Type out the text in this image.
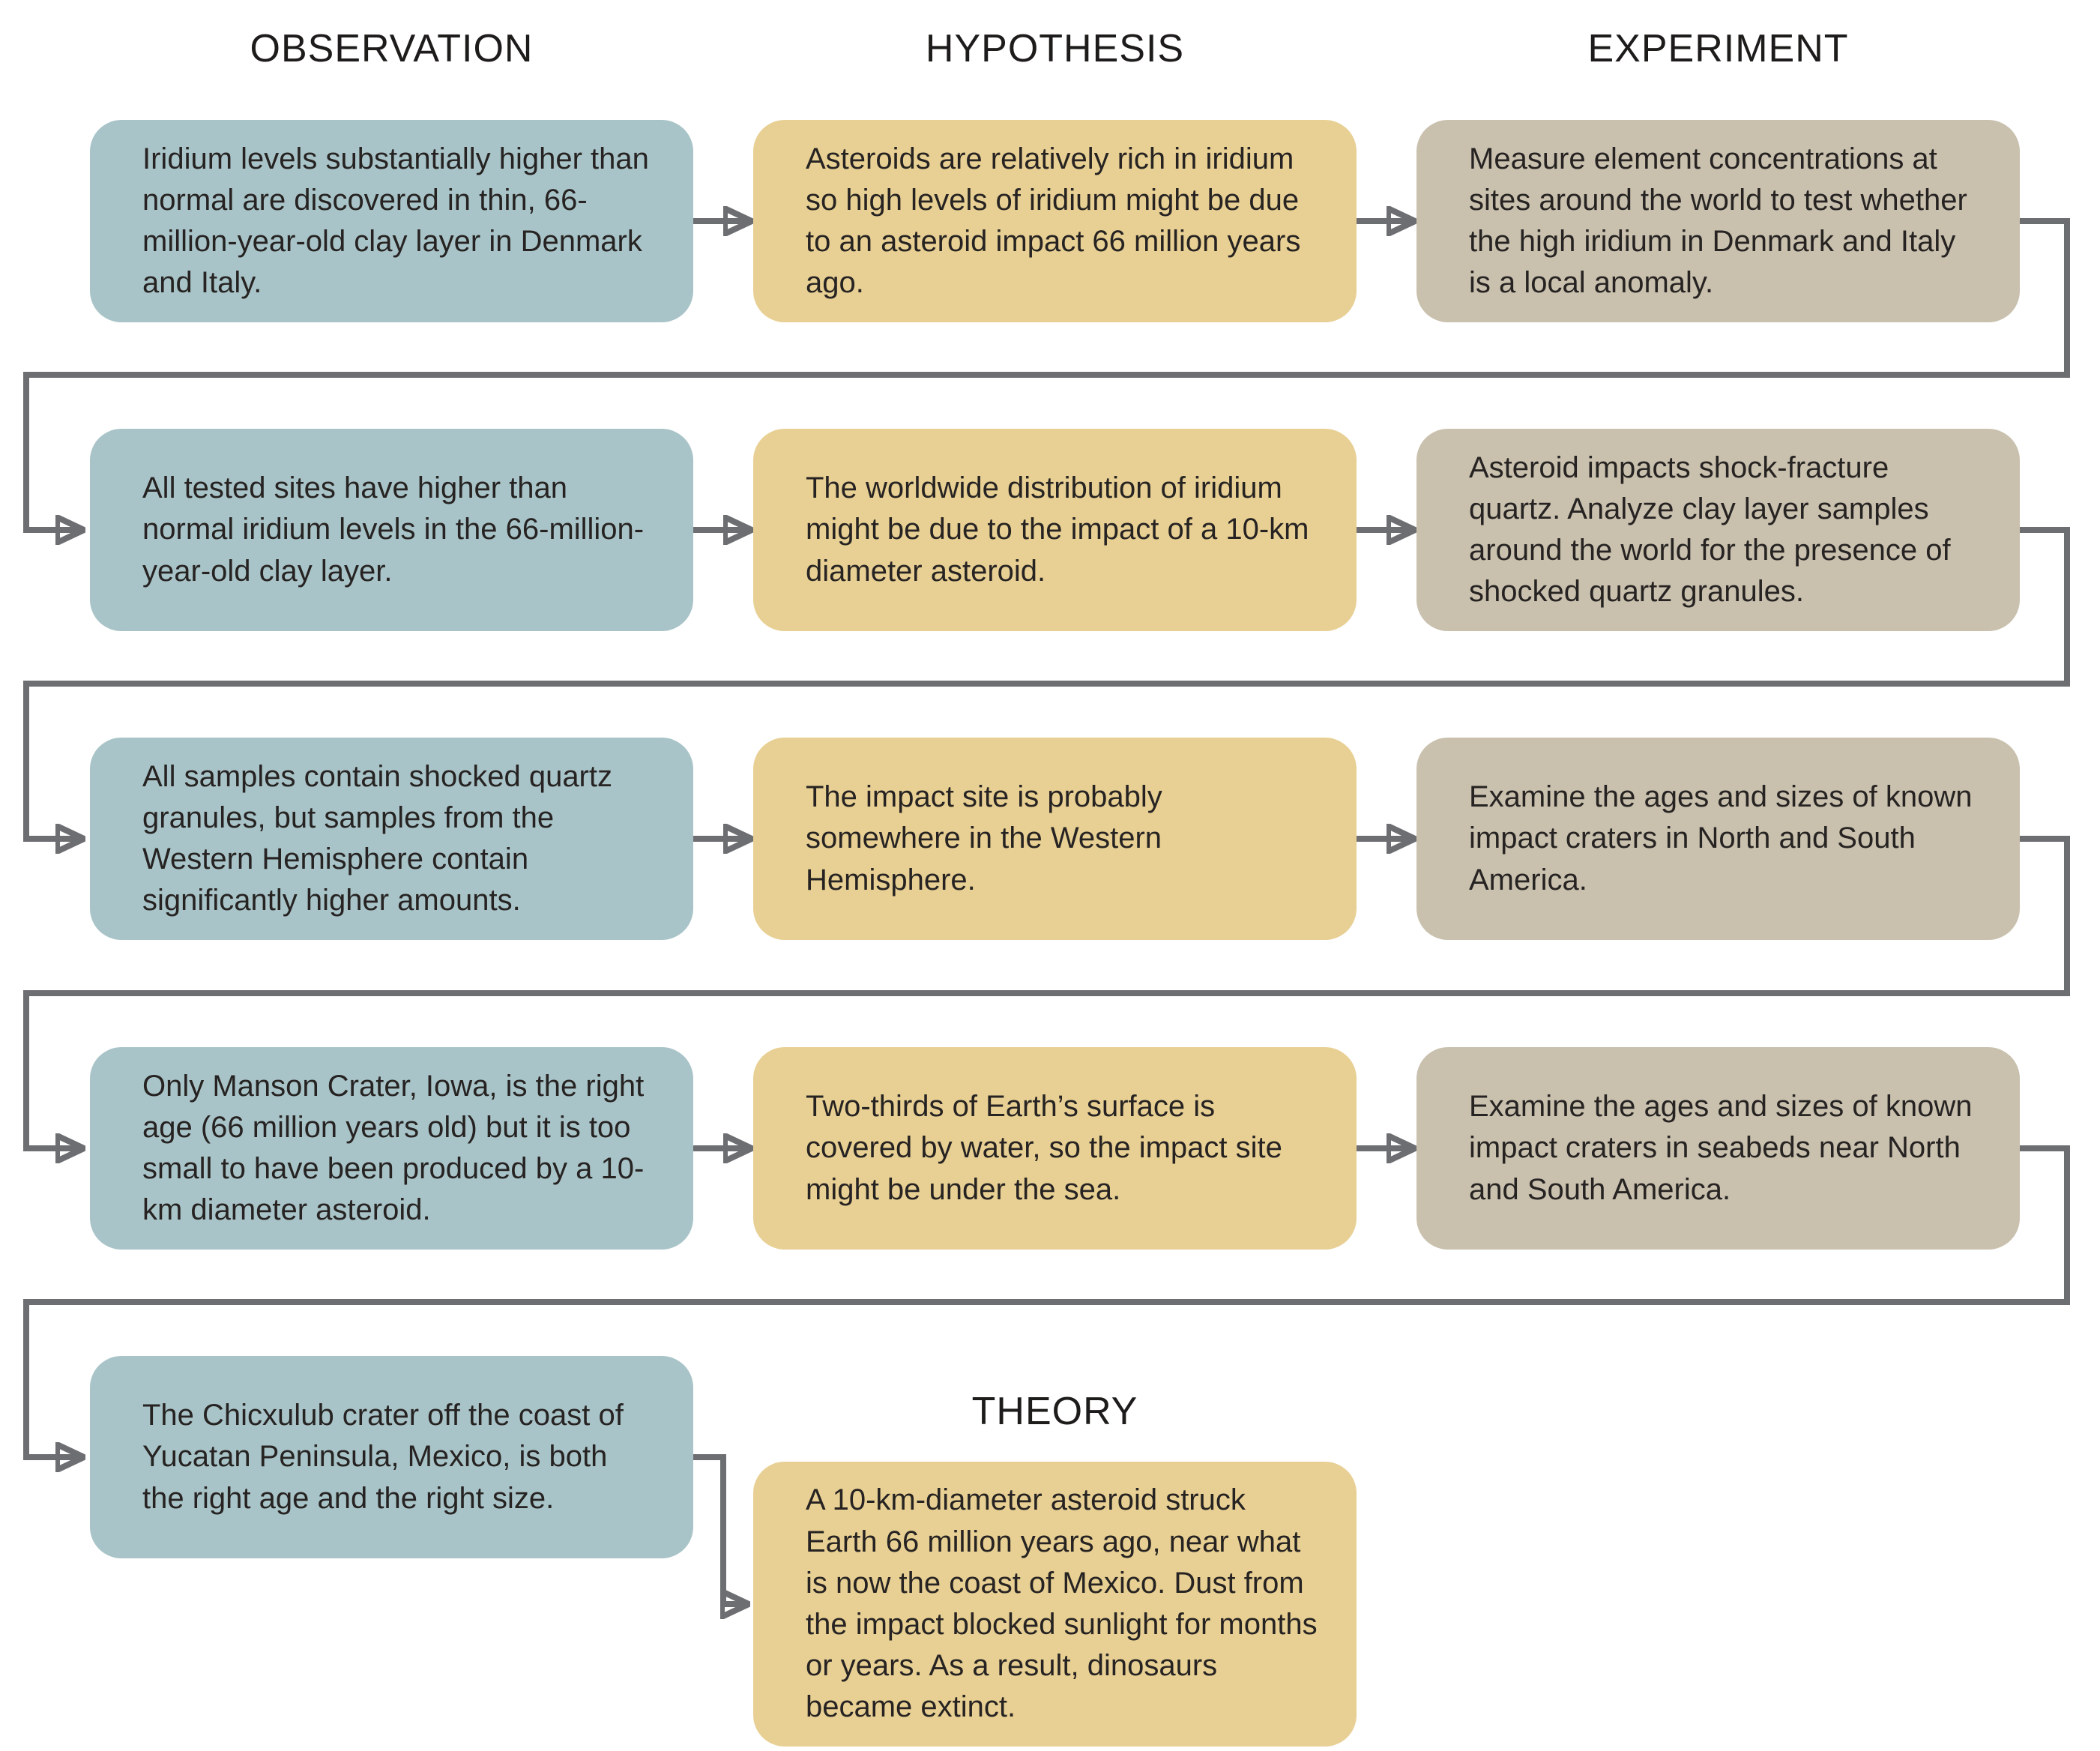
OBSERVATION	HYPOTHESIS	EXPERIMENT
Iridium levels substantially higher than normal are discovered in thin, 66-million-year-old clay layer in Denmark and Italy.
Asteroids are relatively rich in iridium so high levels of iridium might be due to an asteroid impact 66 million years ago.
Measure element concentrations at sites around the world to test whether the high iridium in Denmark and Italy is a local anomaly.
All tested sites have higher than normal iridium levels in the 66-million-year-old clay layer.
The worldwide distribution of iridium might be due to the impact of a 10-km diameter asteroid.
Asteroid impacts shock-fracture quartz. Analyze clay layer samples around the world for the presence of shocked quartz granules.
All samples contain shocked quartz granules, but samples from the Western Hemisphere contain significantly higher amounts.
The impact site is probably somewhere in the Western Hemisphere.
Examine the ages and sizes of known impact craters in North and South America.
Only Manson Crater, Iowa, is the right age (66 million years old) but it is too small to have been produced by a 10-km diameter asteroid.
Two-thirds of Earth’s surface is covered by water, so the impact site might be under the sea.
Examine the ages and sizes of known impact craters in seabeds near North and South America.
The Chicxulub crater off the coast of Yucatan Peninsula, Mexico, is both the right age and the right size.
THEORY
A 10-km-diameter asteroid struck Earth 66 million years ago, near what is now the coast of Mexico. Dust from the impact blocked sunlight for months or years. As a result, dinosaurs became extinct.
